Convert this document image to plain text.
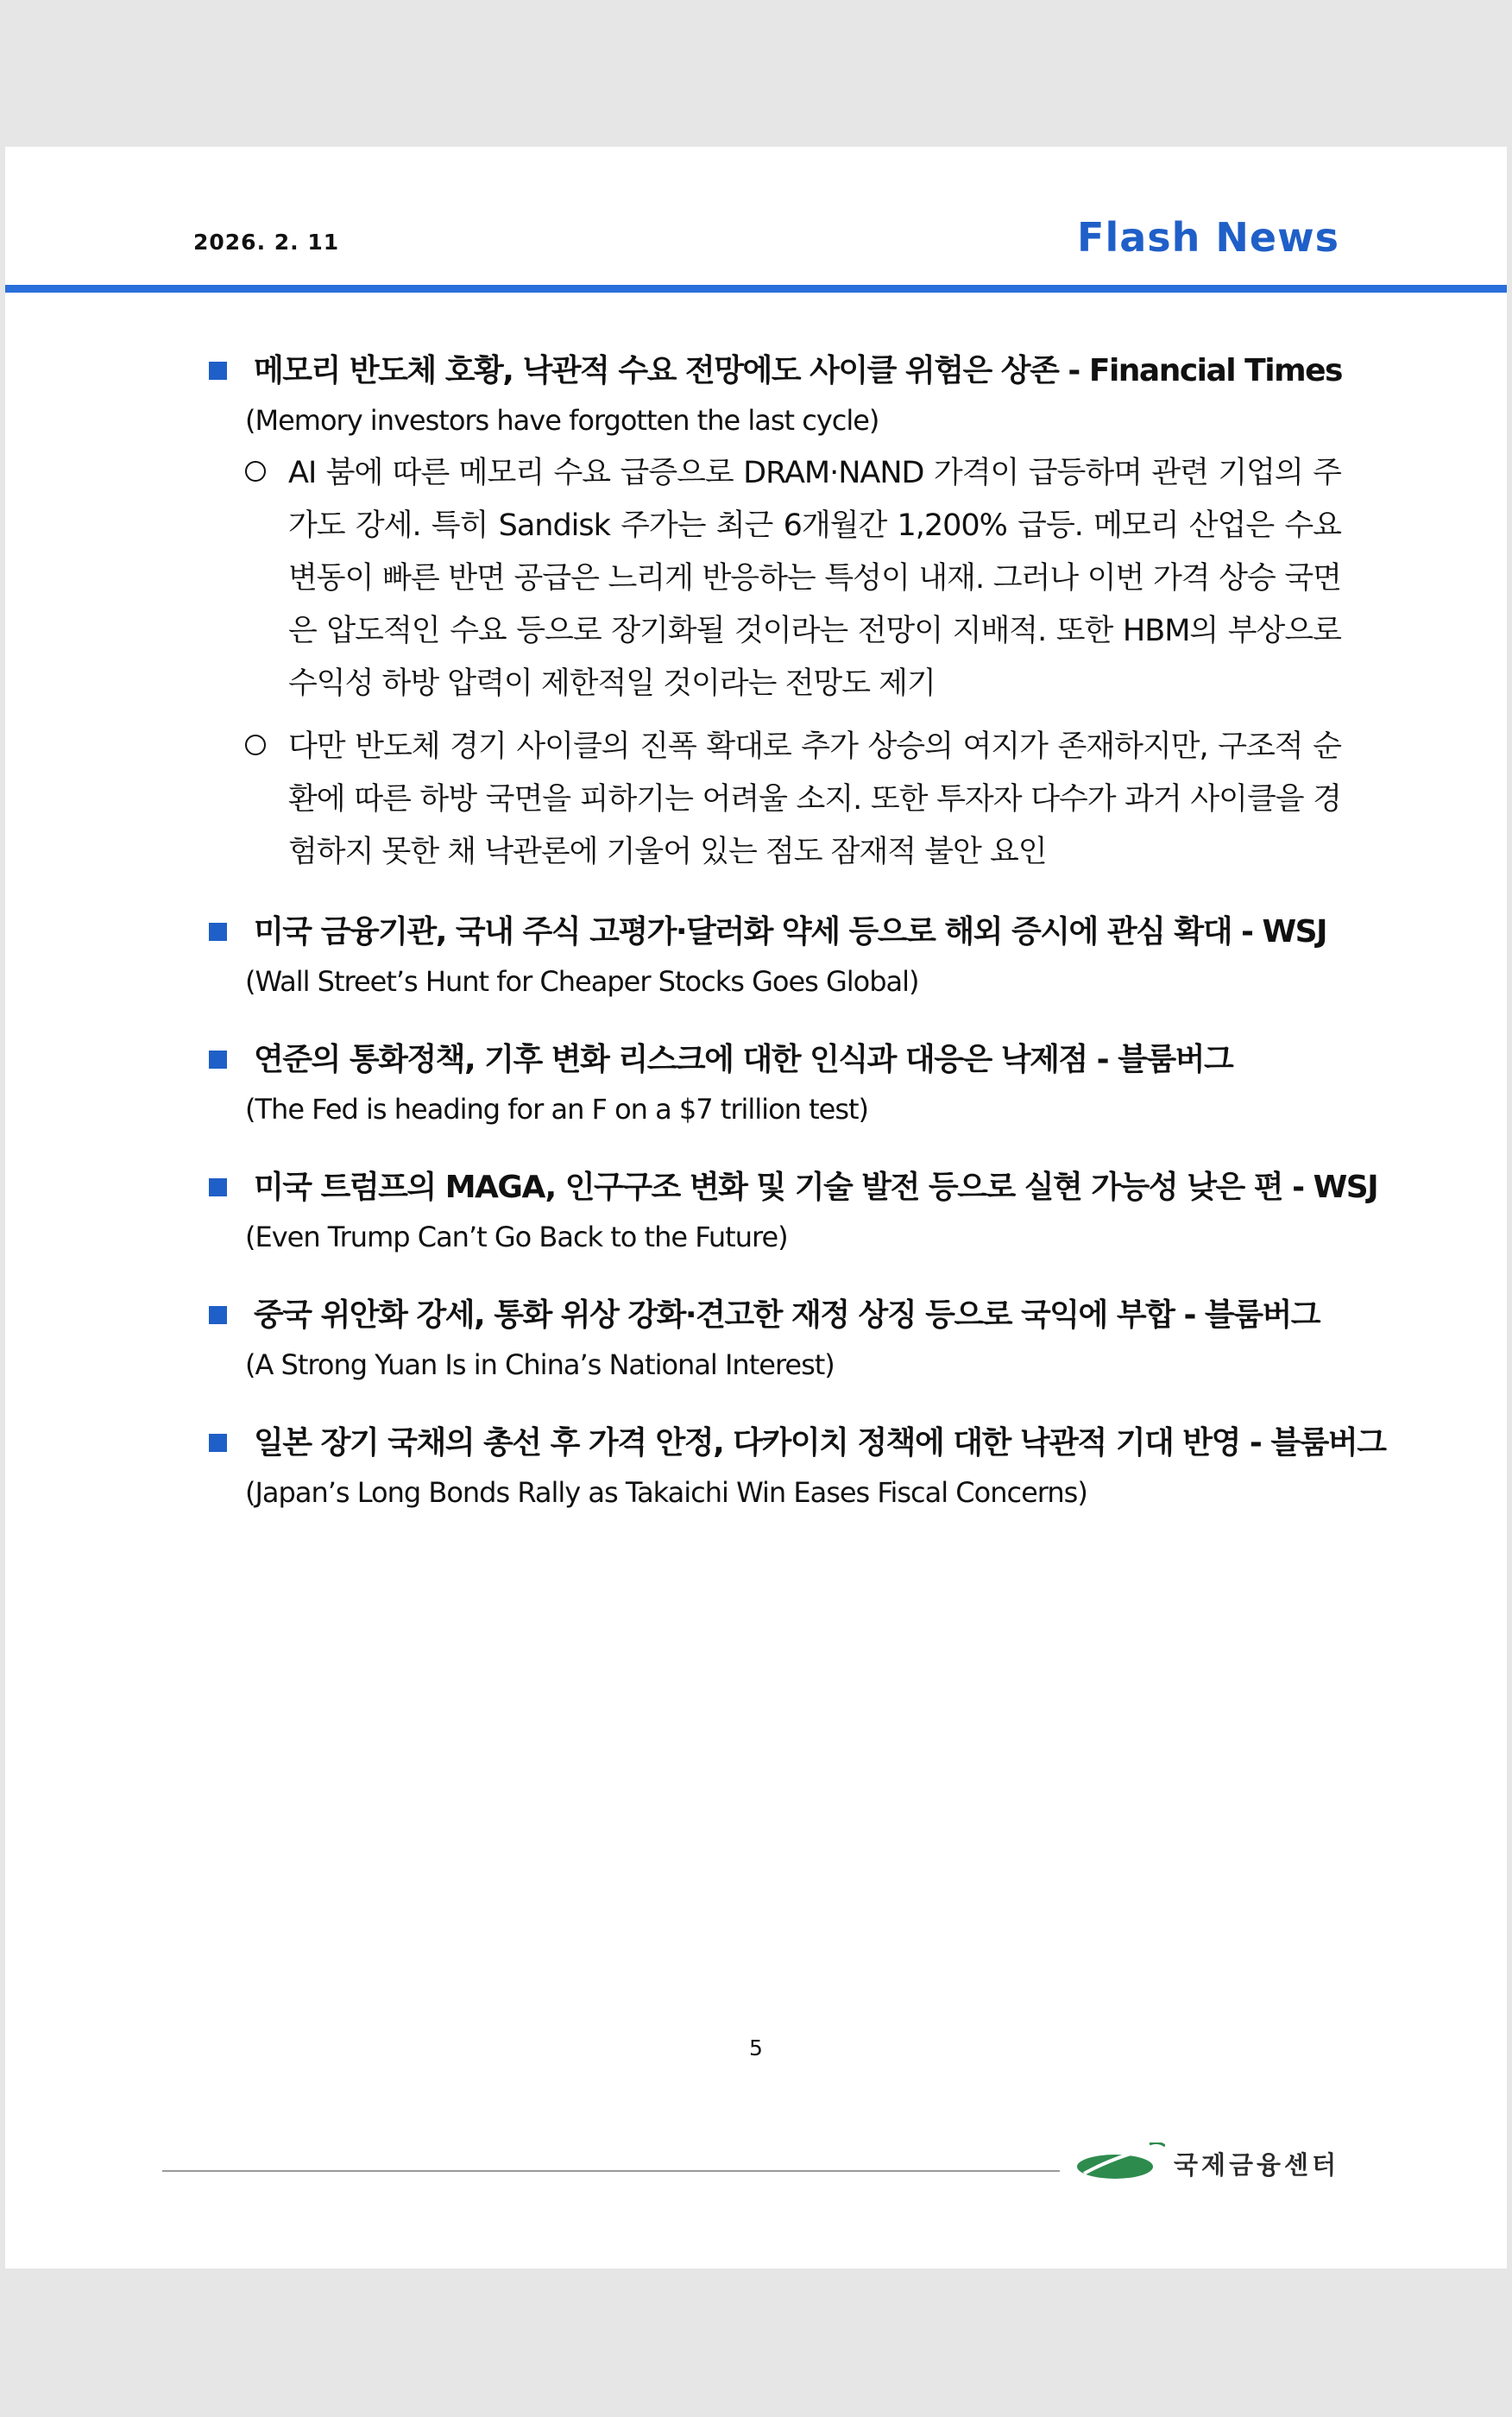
2026. 2. 11	Flash News
메모리 반도체 호황, 낙관적 수요 전망에도 사이클 위험은 상존 - Financial Times
(Memory investors have forgotten the last cycle)
AI 붐에 따른 메모리 수요 급증으로 DRAM·NAND 가격이 급등하며 관련 기업의 주가도 강세. 특히 Sandisk 주가는 최근 6개월간 1,200% 급등. 메모리 산업은 수요 변동이 빠른 반면 공급은 느리게 반응하는 특성이 내재. 그러나 이번 가격 상승 국면은 압도적인 수요 등으로 장기화될 것이라는 전망이 지배적. 또한 HBM의 부상으로 수익성 하방 압력이 제한적일 것이라는 전망도 제기
다만 반도체 경기 사이클의 진폭 확대로 추가 상승의 여지가 존재하지만, 구조적 순환에 따른 하방 국면을 피하기는 어려울 소지. 또한 투자자 다수가 과거 사이클을 경험하지 못한 채 낙관론에 기울어 있는 점도 잠재적 불안 요인
미국 금융기관, 국내 주식 고평가·달러화 약세 등으로 해외 증시에 관심 확대 - WSJ
(Wall Street’s Hunt for Cheaper Stocks Goes Global)
연준의 통화정책, 기후 변화 리스크에 대한 인식과 대응은 낙제점 - 블룸버그
(The Fed is heading for an F on a $7 trillion test)
미국 트럼프의 MAGA, 인구구조 변화 및 기술 발전 등으로 실현 가능성 낮은 편 - WSJ
(Even Trump Can’t Go Back to the Future)
중국 위안화 강세, 통화 위상 강화·견고한 재정 상징 등으로 국익에 부합 - 블룸버그
(A Strong Yuan Is in China’s National Interest)
일본 장기 국채의 총선 후 가격 안정, 다카이치 정책에 대한 낙관적 기대 반영 - 블룸버그
(Japan’s Long Bonds Rally as Takaichi Win Eases Fiscal Concerns)
국제금융센터
5
